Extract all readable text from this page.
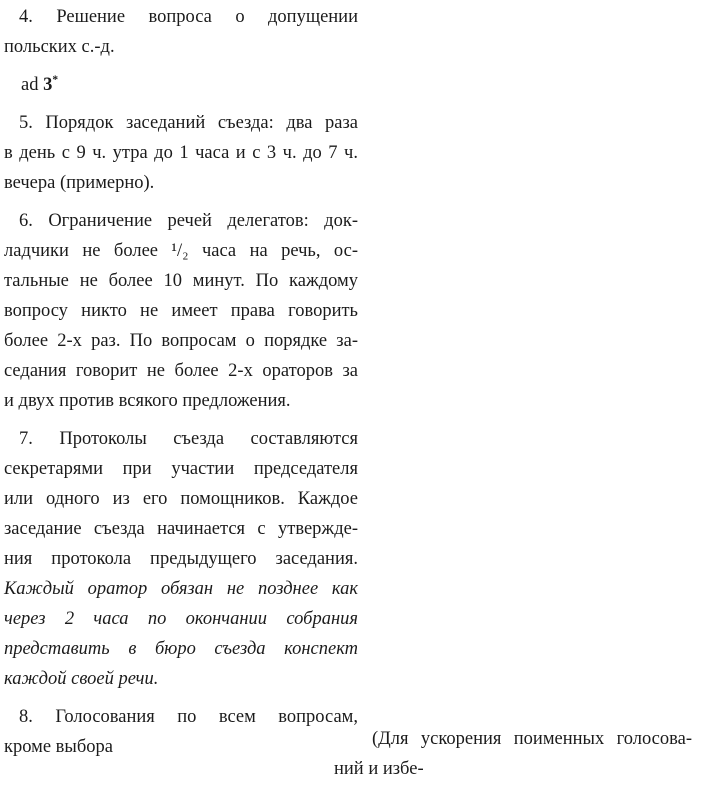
4. Решение вопроса о допущении
польских с.-д.
ad 3*
5. Порядок заседаний съезда: два раза
в день с 9 ч. утра до 1 часа и с 3 ч. до 7 ч.
вечера (примерно).
6. Ограничение речей делегатов: док-
ладчики не более ¹/₂ часа на речь, ос-
тальные не более 10 минут. По каждому
вопросу никто не имеет права говорить
более 2-х раз. По вопросам о порядке за-
седания говорит не более 2-х ораторов за
и двух против всякого предложения.
7. Протоколы съезда составляются
секретарями при участии председателя
или одного из его помощников. Каждое
заседание съезда начинается с утвержде-
ния протокола предыдущего заседания.
Каждый оратор обязан не позднее как
через 2 часа по окончании собрания
представить в бюро съезда конспект
каждой своей речи.
8. Голосования по всем вопросам,
кроме выбора	(Для ускорения поименных голосова-
ний и избе-
